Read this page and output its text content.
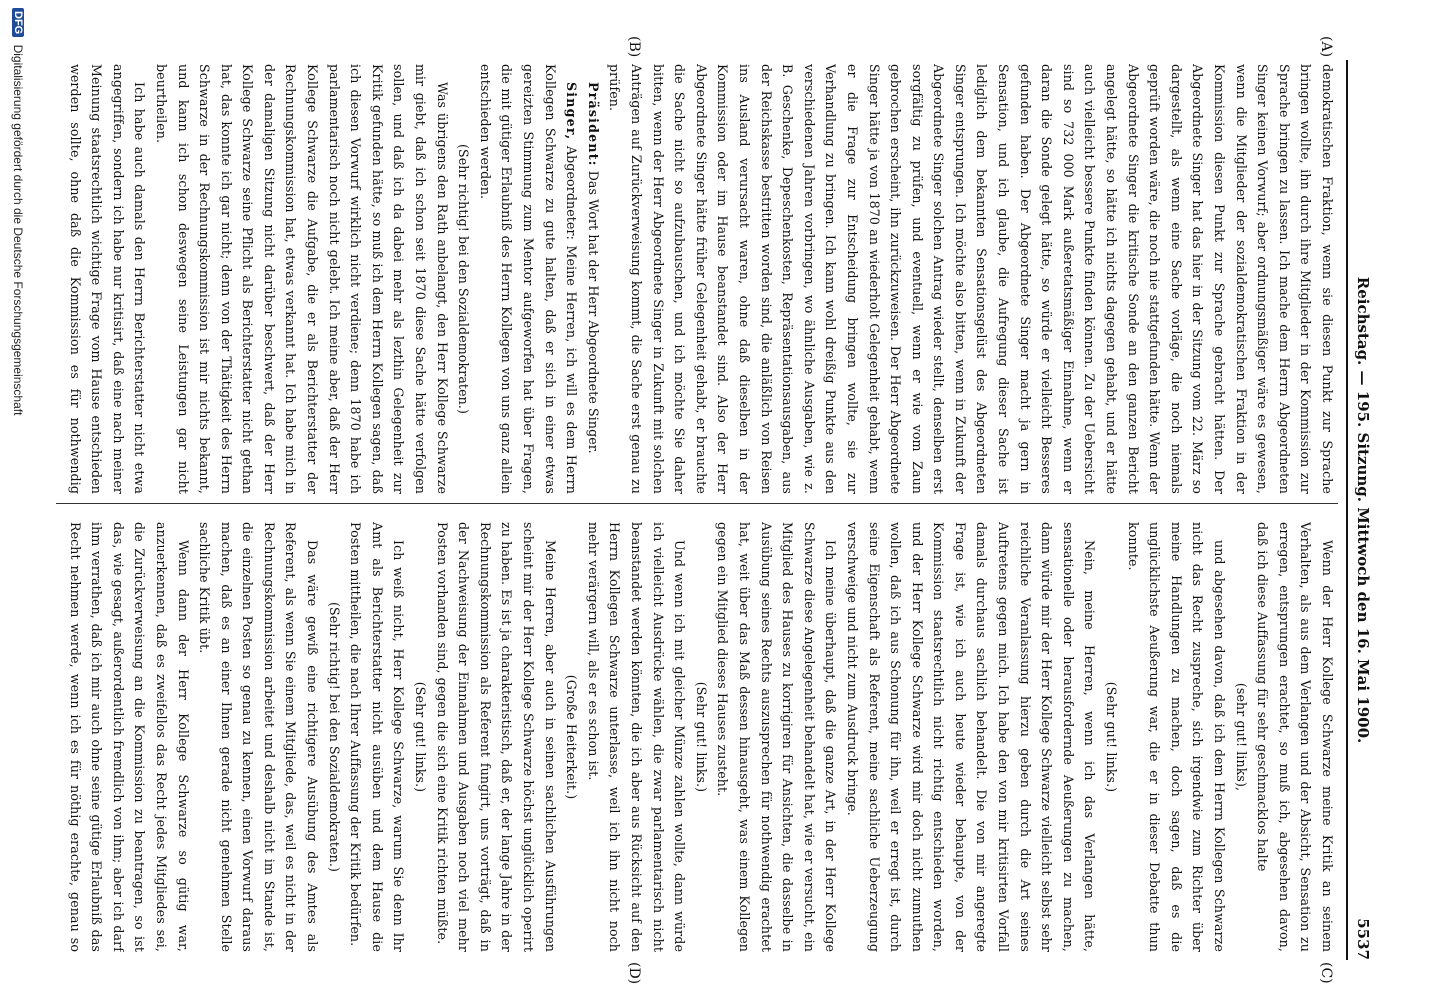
Reichstag. — 195. Sitzung. Mittwoch den 16. Mai 1900.
5537
(A)
(B)
(C)
(D)

demokratischen Fraktion, wenn sie diesen Punkt zur Sprache bringen wollte, ihn durch ihre Mitglieder in der Kommission zur Sprache bringen zu lassen. Ich mache dem Herrn Abgeordneten Singer keinen Vorwurf; aber ordnungsmäßiger wäre es gewesen, wenn die Mitglieder der sozialdemokratischen Fraktion in der Kommission diesen Punkt zur Sprache gebracht hätten. Der Abgeordnete Singer hat das hier in der Sitzung vom 22. März so dargestellt, als wenn eine Sache vorläge, die noch niemals geprüft worden wäre, die noch nie stattgefunden hätte. Wenn der Abgeordnete Singer die kritische Sonde an den ganzen Bericht angelegt hätte, so hätte ich nichts dagegen gehabt, und er hätte auch vielleicht bessere Punkte finden können. Zu der Uebersicht sind so 732 000 Mark außeretatsmäßiger Einnahme, wenn er daran die Sonde gelegt hätte, so würde er vielleicht Besseres gefunden haben. Der Abgeordnete Singer macht ja gern in Sensation, und ich glaube, die Aufregung dieser Sache ist lediglich dem bekannten Sensationsgelüst des Abgeordneten Singer entsprungen. Ich möchte also bitten, wenn in Zukunft der Abgeordnete Singer solchen Antrag wieder stellt, denselben erst sorgfältig zu prüfen, und eventuell, wenn er wie vom Zaun gebrochen erscheint, ihn zurückzuweisen. Der Herr Abgeordnete Singer hätte ja von 1870 an wiederholt Gelegenheit gehabt, wenn er die Frage zur Entscheidung bringen wollte, sie zur Verhandlung zu bringen. Ich kann wohl dreißig Punkte aus den verschiedenen Jahren vorbringen, wo ähnliche Ausgaben, wie z. B. Geschenke, Depeschenkosten, Repräsentationsausgaben, aus der Reichskasse bestritten worden sind, die anläßlich von Reisen ins Ausland verursacht waren, ohne daß dieselben in der Kommission oder im Hause beanstandet sind. Also der Herr Abgeordnete Singer hätte früher Gelegenheit gehabt, er brauchte die Sache nicht so aufzubauschen, und ich möchte Sie daher bitten, wenn der Herr Abgeordnete Singer in Zukunft mit solchen Anträgen auf Zurückverweisung kommt, die Sache erst genau zu prüfen.

Präsident: Das Wort hat der Herr Abgeordnete Singer.

Singer, Abgeordneter: Meine Herren, ich will es dem Herrn Kollegen Schwarze zu gute halten, daß er sich in einer etwas gereizten Stimmung zum Mentor aufgeworfen hat über Fragen, die mit gütiger Erlaubniß des Herrn Kollegen von uns ganz allein entschieden werden.

(Sehr richtig! bei den Sozialdemokraten.)

Was übrigens den Rath anbelangt, den Herr Kollege Schwarze mir giebt, daß ich schon seit 1870 diese Sache hätte verfolgen sollen, und daß ich da dabei mehr als lezthin Gelegenheit zur Kritik gefunden hätte, so muß ich dem Herrn Kollegen sagen, daß ich diesen Vorwurf wirklich nicht verdiene; denn 1870 habe ich parlamentarisch noch nicht gelebt. Ich meine aber, daß der Herr Kollege Schwarze die Aufgabe, die er als Berichterstatter der Rechnungskommission hat, etwas verkannt hat. Ich habe mich in der damaligen Sitzung nicht darüber beschwert, daß der Herr Kollege Schwarze seine Pflicht als Berichterstatter nicht gethan hat, das konnte ich gar nicht; denn von der Thätigkeit des Herrn Schwarze in der Rechnungskommission ist mir nichts bekannt, und kann ich schon deswegen seine Leistungen gar nicht beurtheilen.

Ich habe auch damals den Herrn Berichterstatter nicht etwa angegriffen, sondern ich habe nur kritisirt, daß eine nach meiner Meinung staatsrechtlich wichtige Frage vom Hause entschieden werden sollte, ohne daß die Kommission es für nothwendig

Wenn der Herr Kollege Schwarze meine Kritik an seinem Verhalten, als aus dem Verlangen und der Absicht, Sensation zu erregen, entsprungen erachtet, so muß ich, abgesehen davon, daß ich diese Auffassung für sehr geschmacklos halte

(sehr gut! links),

und abgesehen davon, daß ich dem Herrn Kollegen Schwarze nicht das Recht zuspreche, sich irgendwie zum Richter über meine Handlungen zu machen, doch sagen, daß es die unglücklichste Aeußerung war, die er in dieser Debatte thun konnte.

(Sehr gut! links.)

Nein, meine Herren, wenn ich das Verlangen hätte, sensationelle oder herausfordernde Aeußerungen zu machen, dann würde mir der Herr Kollege Schwarze vielleicht selbst sehr reichliche Veranlassung hierzu geben durch die Art seines Auftretens gegen mich. Ich habe den von mir kritisirten Vorfall damals durchaus sachlich behandelt. Die von mir angeregte Frage ist, wie ich auch heute wieder behaupte, von der Kommission staatsrechtlich nicht richtig entschieden worden, und der Herr Kollege Schwarze wird mir doch nicht zumuthen wollen, daß ich aus Schonung für ihn, weil er erregt ist, durch seine Eigenschaft als Referent, meine sachliche Ueberzeugung verschweige und nicht zum Ausdruck bringe.

Ich meine überhaupt, daß die ganze Art, in der Herr Kollege Schwarze diese Angelegenheit behandelt hat, wie er versucht, ein Mitglied des Hauses zu korrigiren für Ansichten, die dasselbe in Ausübung seines Rechts auszusprechen für nothwendig erachtet hat, weit über das Maß dessen hinausgeht, was einem Kollegen gegen ein Mitglied dieses Hauses zusteht.

(Sehr gut! links.)

Und wenn ich mit gleicher Münze zahlen wollte, dann würde ich vielleicht Ausdrücke wählen, die zwar parlamentarisch nicht beanstandet werden könnten, die ich aber aus Rücksicht auf den Herrn Kollegen Schwarze unterlasse, weil ich ihn nicht noch mehr verärgern will, als er es schon ist.

(Große Heiterkeit.)

Meine Herren, aber auch in seinen sachlichen Ausführungen scheint mir der Herr Kollege Schwarze höchst unglücklich operirt zu haben. Es ist ja charakteristisch, daß er, der lange Jahre in der Rechnungskommission als Referent fungirt, uns vorträgt, daß in der Nachweisung der Einnahmen und Ausgaben noch viel mehr Posten vorhanden sind, gegen die sich eine Kritik richten müßte.

(Sehr gut! links.)

Ich weiß nicht, Herr Kollege Schwarze, warum Sie denn Ihr Amt als Berichterstatter nicht ausüben und dem Hause die Posten mittheilen, die nach Ihrer Auffassung der Kritik bedürfen.

(Sehr richtig! bei den Sozialdemokraten.)

Das wäre gewiß eine richtigere Ausübung des Amtes als Referent, als wenn Sie einem Mitgliede, das, weil es nicht in der Rechnungskommission arbeitet und deshalb nicht im Stande ist, die einzelnen Posten so genau zu kennen, einen Vorwurf daraus machen, daß es an einer Ihnen gerade nicht genehmen Stelle sachliche Kritik übt.

Wenn dann der Herr Kollege Schwarze so gütig war, anzuerkennen, daß es zweifellos das Recht jedes Mitgliedes sei, die Zurückverweisung an die Kommission zu beantragen, so ist das, wie gesagt, außerordentlich fremdlich von ihm; aber ich darf ihm verrathen, daß ich mir auch ohne seine gütige Erlaubniß das Recht nehmen werde, wenn ich es für nöthig erachte, genau so

DFG Digitalisierung gefördert durch die Deutsche Forschungsgemeinschaft
